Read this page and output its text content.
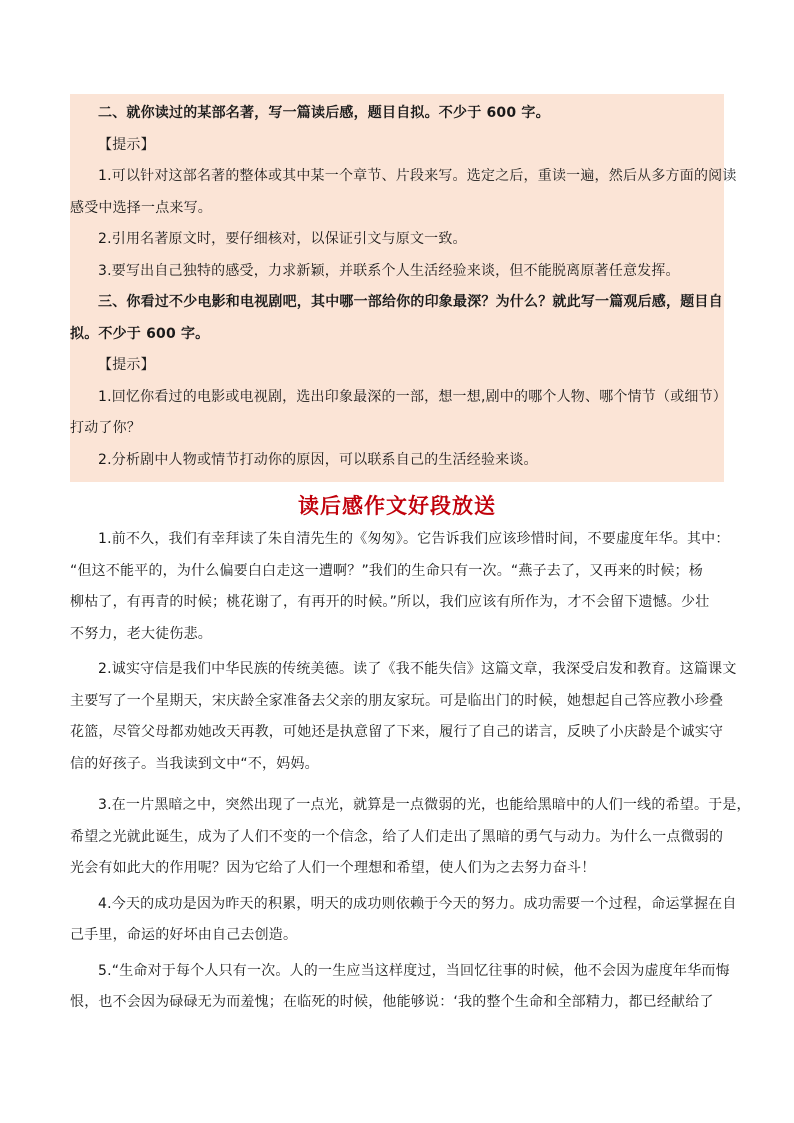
二、就你读过的某部名著，写一篇读后感，题目自拟。不少于 600 字。
【提示】
1.可以针对这部名著的整体或其中某一个章节、片段来写。选定之后，重读一遍，然后从多方面的阅读
感受中选择一点来写。
2.引用名著原文时，要仔细核对，以保证引文与原文一致。
3.要写出自己独特的感受，力求新颖，并联系个人生活经验来谈，但不能脱离原著任意发挥。
三、你看过不少电影和电视剧吧，其中哪一部给你的印象最深？为什么？就此写一篇观后感，题目自
拟。不少于 600 字。
【提示】
1.回忆你看过的电影或电视剧，选出印象最深的一部，想一想,剧中的哪个人物、哪个情节（或细节）
打动了你？
2.分析剧中人物或情节打动你的原因，可以联系自己的生活经验来谈。
读后感作文好段放送
1.前不久，我们有幸拜读了朱自清先生的《匆匆》。它告诉我们应该珍惜时间，不要虚度年华。其中：
“但这不能平的，为什么偏要白白走这一遭啊？”我们的生命只有一次。“燕子去了，又再来的时候；杨
柳枯了，有再青的时候；桃花谢了，有再开的时候。”所以，我们应该有所作为，才不会留下遗憾。少壮
不努力，老大徒伤悲。
2.诚实守信是我们中华民族的传统美德。读了《我不能失信》这篇文章，我深受启发和教育。这篇课文
主要写了一个星期天，宋庆龄全家准备去父亲的朋友家玩。可是临出门的时候，她想起自己答应教小珍叠
花篮，尽管父母都劝她改天再教，可她还是执意留了下来，履行了自己的诺言，反映了小庆龄是个诚实守
信的好孩子。当我读到文中“不，妈妈。
3.在一片黑暗之中，突然出现了一点光，就算是一点微弱的光，也能给黑暗中的人们一线的希望。于是，
希望之光就此诞生，成为了人们不变的一个信念，给了人们走出了黑暗的勇气与动力。为什么一点微弱的
光会有如此大的作用呢？因为它给了人们一个理想和希望，使人们为之去努力奋斗！
4.今天的成功是因为昨天的积累，明天的成功则依赖于今天的努力。成功需要一个过程，命运掌握在自
己手里，命运的好坏由自己去创造。
5.“生命对于每个人只有一次。人的一生应当这样度过，当回忆往事的时候，他不会因为虚度年华而悔
恨，也不会因为碌碌无为而羞愧；在临死的时候，他能够说：‘我的整个生命和全部精力，都已经献给了
